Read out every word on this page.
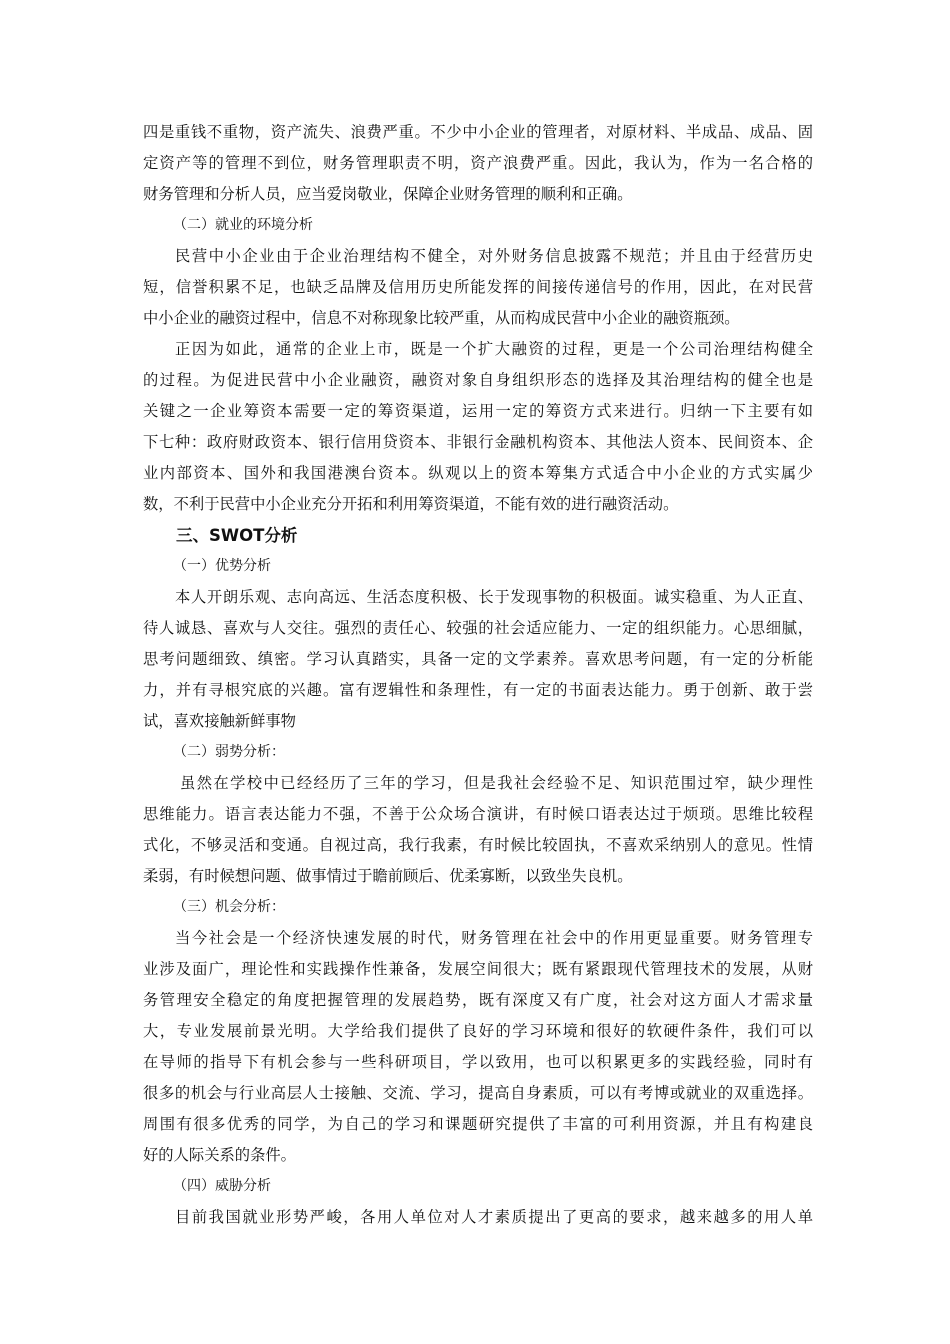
四是重钱不重物，资产流失、浪费严重。不少中小企业的管理者，对原材料、半成品、成品、固
定资产等的管理不到位，财务管理职责不明，资产浪费严重。因此，我认为，作为一名合格的
财务管理和分析人员，应当爱岗敬业，保障企业财务管理的顺利和正确。
（二）就业的环境分析
民营中小企业由于企业治理结构不健全，对外财务信息披露不规范；并且由于经营历史
短，信誉积累不足，也缺乏品牌及信用历史所能发挥的间接传递信号的作用，因此，在对民营
中小企业的融资过程中，信息不对称现象比较严重，从而构成民营中小企业的融资瓶颈。
正因为如此，通常的企业上市，既是一个扩大融资的过程，更是一个公司治理结构健全
的过程。为促进民营中小企业融资，融资对象自身组织形态的选择及其治理结构的健全也是
关键之一企业筹资本需要一定的筹资渠道，运用一定的筹资方式来进行。归纳一下主要有如
下七种：政府财政资本、银行信用贷资本、非银行金融机构资本、其他法人资本、民间资本、企
业内部资本、国外和我国港澳台资本。纵观以上的资本筹集方式适合中小企业的方式实属少
数，不利于民营中小企业充分开拓和利用筹资渠道，不能有效的进行融资活动。
三、SWOT分析
（一）优势分析
本人开朗乐观、志向高远、生活态度积极、长于发现事物的积极面。诚实稳重、为人正直、
待人诚恳、喜欢与人交往。强烈的责任心、较强的社会适应能力、一定的组织能力。心思细腻，
思考问题细致、缜密。学习认真踏实，具备一定的文学素养。喜欢思考问题，有一定的分析能
力，并有寻根究底的兴趣。富有逻辑性和条理性，有一定的书面表达能力。勇于创新、敢于尝
试，喜欢接触新鲜事物
（二）弱势分析：
虽然在学校中已经经历了三年的学习，但是我社会经验不足、知识范围过窄，缺少理性
思维能力。语言表达能力不强，不善于公众场合演讲，有时候口语表达过于烦琐。思维比较程
式化，不够灵活和变通。自视过高，我行我素，有时候比较固执，不喜欢采纳别人的意见。性情
柔弱，有时候想问题、做事情过于瞻前顾后、优柔寡断，以致坐失良机。
（三）机会分析：
当今社会是一个经济快速发展的时代，财务管理在社会中的作用更显重要。财务管理专
业涉及面广，理论性和实践操作性兼备，发展空间很大；既有紧跟现代管理技术的发展，从财
务管理安全稳定的角度把握管理的发展趋势，既有深度又有广度，社会对这方面人才需求量
大，专业发展前景光明。大学给我们提供了良好的学习环境和很好的软硬件条件，我们可以
在导师的指导下有机会参与一些科研项目，学以致用，也可以积累更多的实践经验，同时有
很多的机会与行业高层人士接触、交流、学习，提高自身素质，可以有考博或就业的双重选择。
周围有很多优秀的同学，为自己的学习和课题研究提供了丰富的可利用资源，并且有构建良
好的人际关系的条件。
（四）威胁分析
目前我国就业形势严峻，各用人单位对人才素质提出了更高的要求，越来越多的用人单
